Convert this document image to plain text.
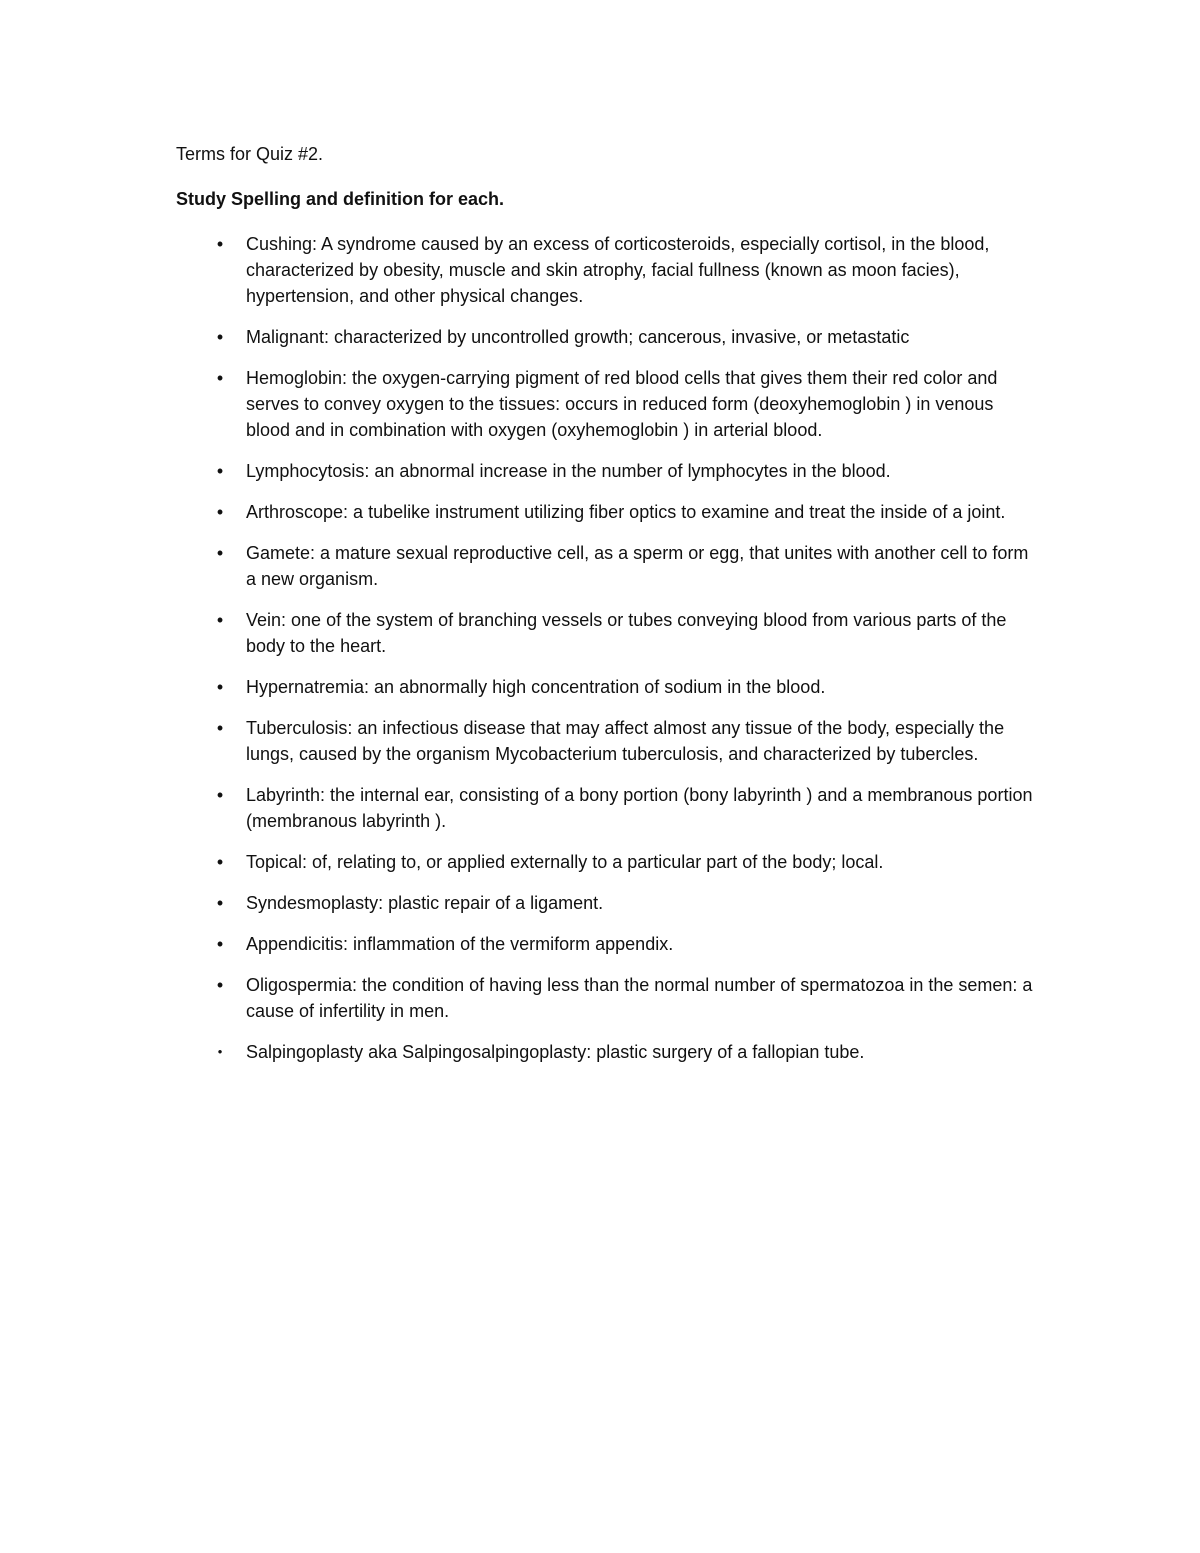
Terms for Quiz #2.

Study Spelling and definition for each.

•	Cushing: A syndrome caused by an excess of corticosteroids, especially cortisol, in the blood, characterized by obesity, muscle and skin atrophy, facial fullness (known as moon facies), hypertension, and other physical changes.
•	Malignant: characterized by uncontrolled growth; cancerous, invasive, or metastatic
•	Hemoglobin: the oxygen-carrying pigment of red blood cells that gives them their red color and serves to convey oxygen to the tissues: occurs in reduced form (deoxyhemoglobin ) in venous blood and in combination with oxygen (oxyhemoglobin ) in arterial blood.
•	Lymphocytosis: an abnormal increase in the number of lymphocytes in the blood.
•	Arthroscope: a tubelike instrument utilizing fiber optics to examine and treat the inside of a joint.
•	Gamete: a mature sexual reproductive cell, as a sperm or egg, that unites with another cell to form a new organism.
•	Vein: one of the system of branching vessels or tubes conveying blood from various parts of the body to the heart.
•	Hypernatremia: an abnormally high concentration of sodium in the blood.
•	Tuberculosis: an infectious disease that may affect almost any tissue of the body, especially the lungs, caused by the organism Mycobacterium tuberculosis, and characterized by tubercles.
•	Labyrinth: the internal ear, consisting of a bony portion (bony labyrinth ) and a membranous portion (membranous labyrinth ).
•	Topical: of, relating to, or applied externally to a particular part of the body; local.
•	Syndesmoplasty: plastic repair of a ligament.
•	Appendicitis: inflammation of the vermiform appendix.
•	Oligospermia: the condition of having less than the normal number of spermatozoa in the semen: a cause of infertility in men.
•	Salpingoplasty aka Salpingosalpingoplasty: plastic surgery of a fallopian tube.
